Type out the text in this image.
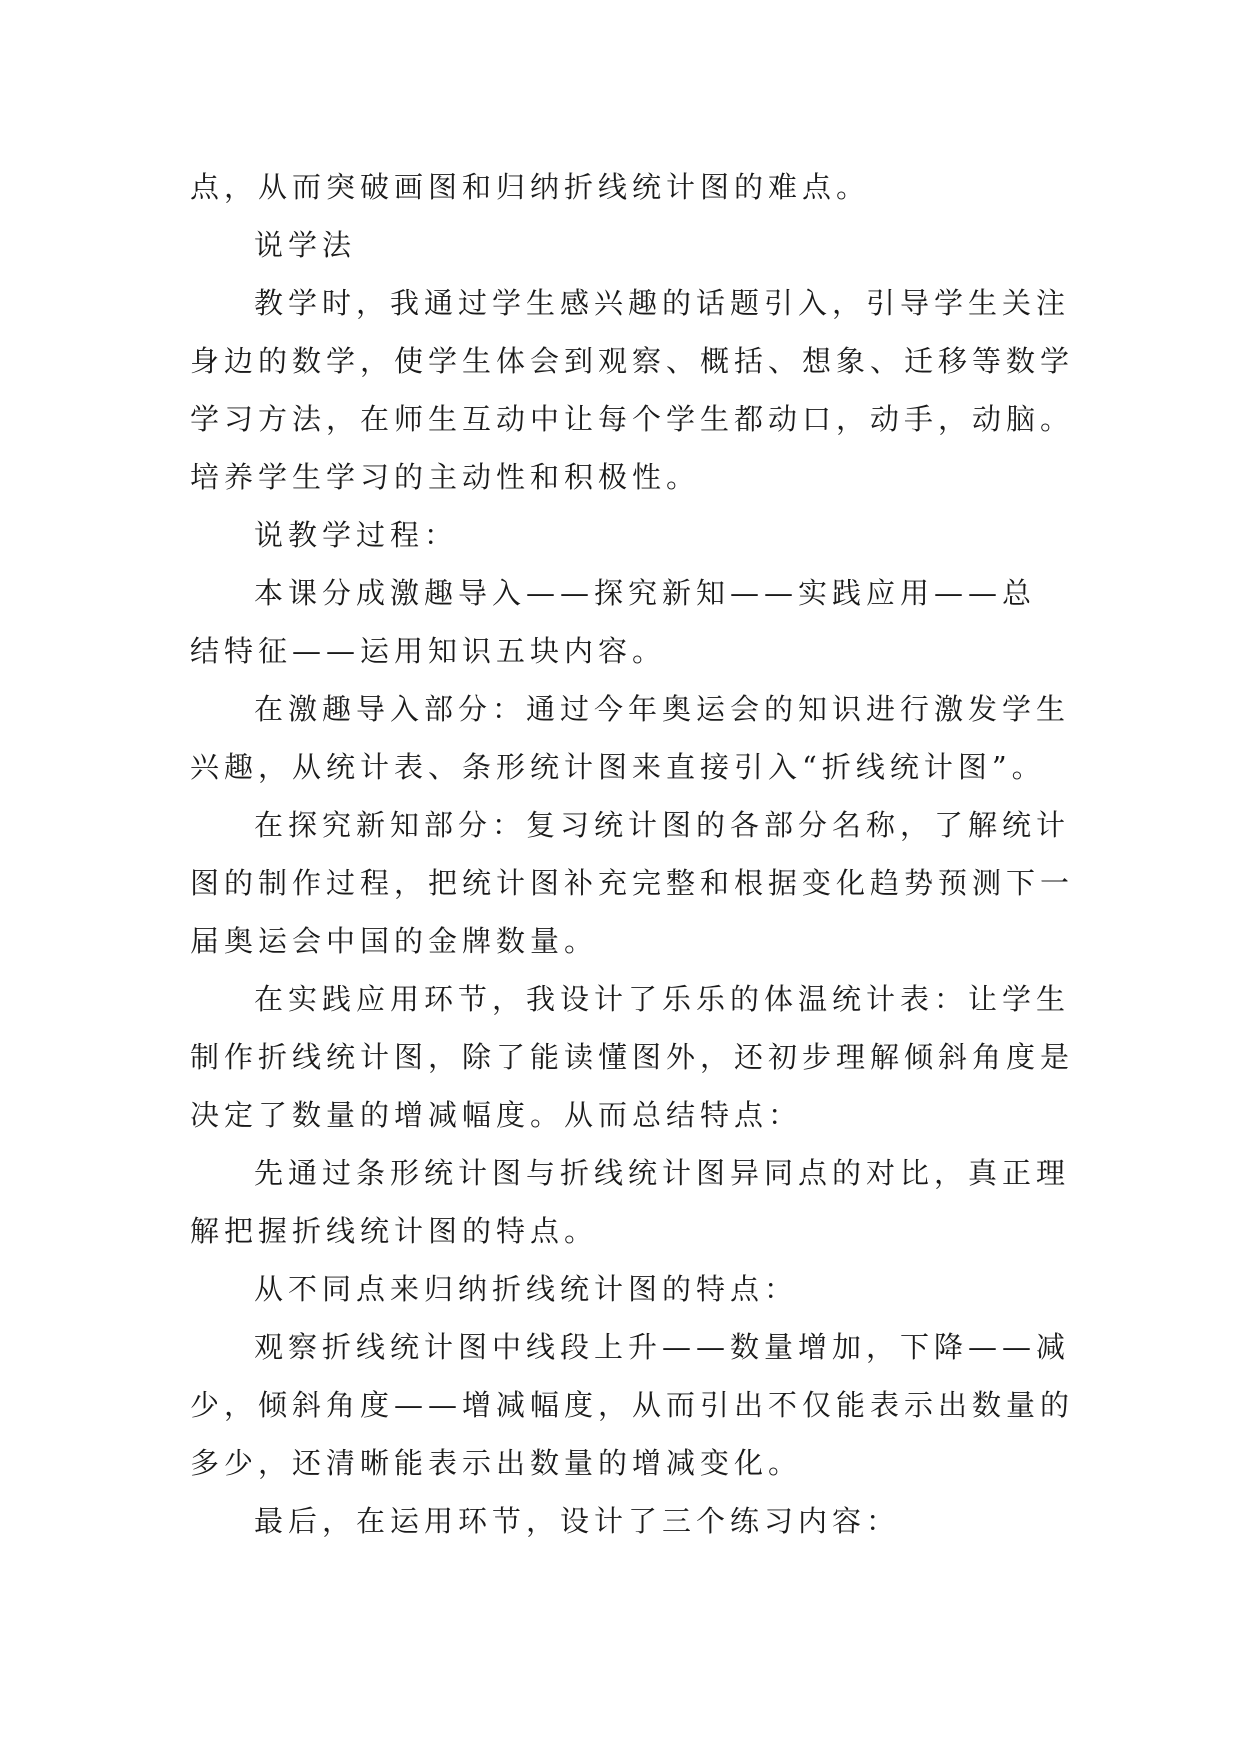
点，从而突破画图和归纳折线统计图的难点。
说学法
教学时，我通过学生感兴趣的话题引入，引导学生关注
身边的数学，使学生体会到观察、概括、想象、迁移等数学
学习方法，在师生互动中让每个学生都动口，动手，动脑。
培养学生学习的主动性和积极性。
说教学过程：
本课分成激趣导入——探究新知——实践应用——总
结特征——运用知识五块内容。
在激趣导入部分：通过今年奥运会的知识进行激发学生
兴趣，从统计表、条形统计图来直接引入“折线统计图”。
在探究新知部分：复习统计图的各部分名称，了解统计
图的制作过程，把统计图补充完整和根据变化趋势预测下一
届奥运会中国的金牌数量。
在实践应用环节，我设计了乐乐的体温统计表：让学生
制作折线统计图，除了能读懂图外，还初步理解倾斜角度是
决定了数量的增减幅度。从而总结特点：
先通过条形统计图与折线统计图异同点的对比，真正理
解把握折线统计图的特点。
从不同点来归纳折线统计图的特点：
观察折线统计图中线段上升——数量增加，下降——减
少，倾斜角度——增减幅度，从而引出不仅能表示出数量的
多少，还清晰能表示出数量的增减变化。
最后，在运用环节，设计了三个练习内容：
